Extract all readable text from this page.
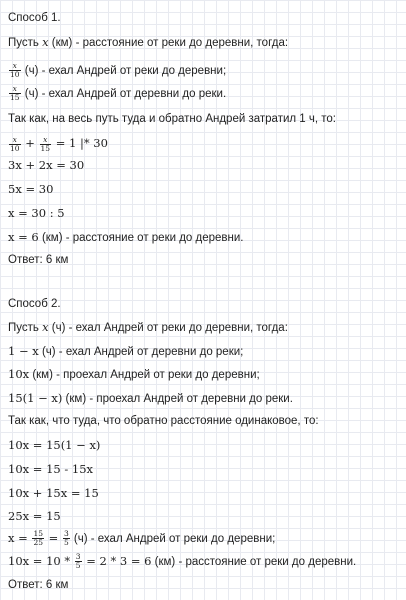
Способ 1.
Пусть x (км) - расстояние от реки до деревни, тогда:
$\frac{x}{10} (ч)$ - ехал Андрей от реки до деревни;
$\frac{x}{15} (ч)$ - ехал Андрей от деревни до реки.
Так как, на весь путь туда и обратно Андрей затратил 1 ч, то:
$\frac{x}{10} + \frac{x}{15} = 1$ |* 30
3x + 2x = 30
5x = 30
x = 30 : 5
x = 6 (км) - расстояние от реки до деревни.
Ответ: 6 км
Способ 2.
Пусть x (ч) - ехал Андрей от реки до деревни, тогда:
1 − x (ч) - ехал Андрей от деревни до реки;
10x (км) - проехал Андрей от реки до деревни;
15(1 − x) (км) - проехал Андрей от деревни до реки.
Так как, что туда, что обратно расстояние одинаковое, то:
10x = 15(1 − x)
10x = 15 - 15x
10x + 15x = 15
25x = 15
$x = \frac{15}{25} = \frac{3}{5} (ч)$ - ехал Андрей от реки до деревни;
$10x = 10 * \frac{3}{5} = 2 * 3 = 6$ (км) - расстояние от реки до деревни.
Ответ: 6 км
